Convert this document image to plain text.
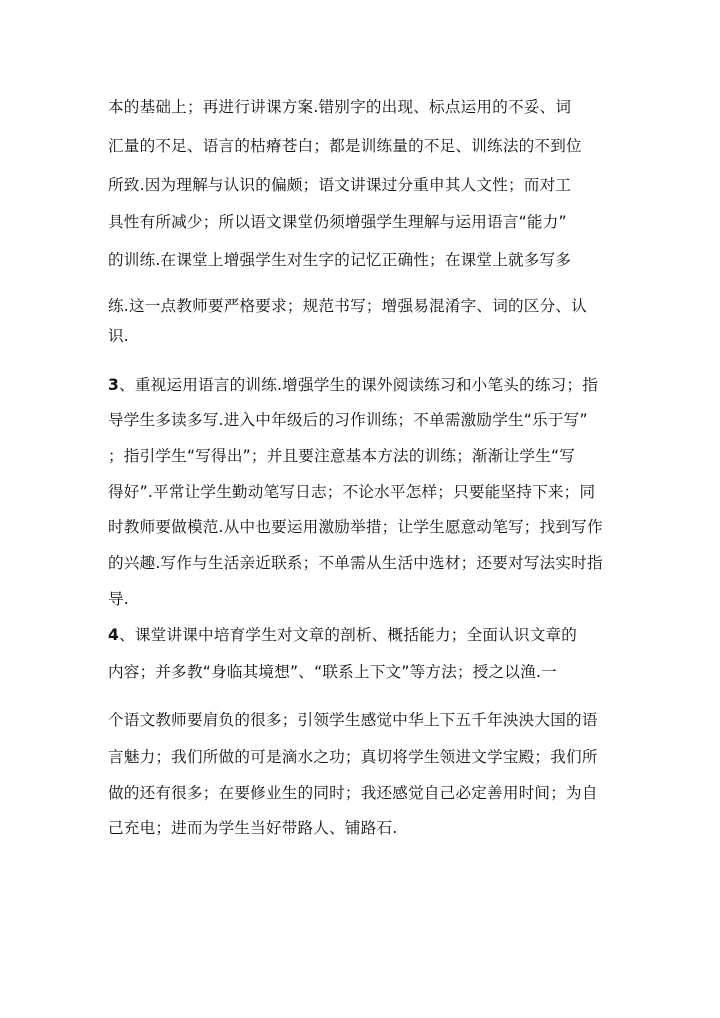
本的基础上；再进行讲课方案.错别字的出现、标点运用的不妥、词
汇量的不足、语言的枯瘠苍白；都是训练量的不足、训练法的不到位
所致.因为理解与认识的偏颇；语文讲课过分重申其人文性；而对工
具性有所减少；所以语文课堂仍须增强学生理解与运用语言“能力”
的训练.在课堂上增强学生对生字的记忆正确性；在课堂上就多写多
练.这一点教师要严格要求；规范书写；增强易混淆字、词的区分、认
识.
3、重视运用语言的训练.增强学生的课外阅读练习和小笔头的练习；指
导学生多读多写.进入中年级后的习作训练；不单需激励学生“乐于写”
；指引学生“写得出”；并且要注意基本方法的训练；渐渐让学生“写
得好”.平常让学生勤动笔写日志；不论水平怎样；只要能坚持下来；同
时教师要做模范.从中也要运用激励举措；让学生愿意动笔写；找到写作
的兴趣.写作与生活亲近联系；不单需从生活中选材；还要对写法实时指
导.
4、课堂讲课中培育学生对文章的剖析、概括能力；全面认识文章的
内容；并多教“身临其境想”、“联系上下文”等方法；授之以渔.一
个语文教师要肩负的很多；引领学生感觉中华上下五千年泱泱大国的语
言魅力；我们所做的可是滴水之功；真切将学生领进文学宝殿；我们所
做的还有很多；在要修业生的同时；我还感觉自己必定善用时间；为自
己充电；进而为学生当好带路人、铺路石.
